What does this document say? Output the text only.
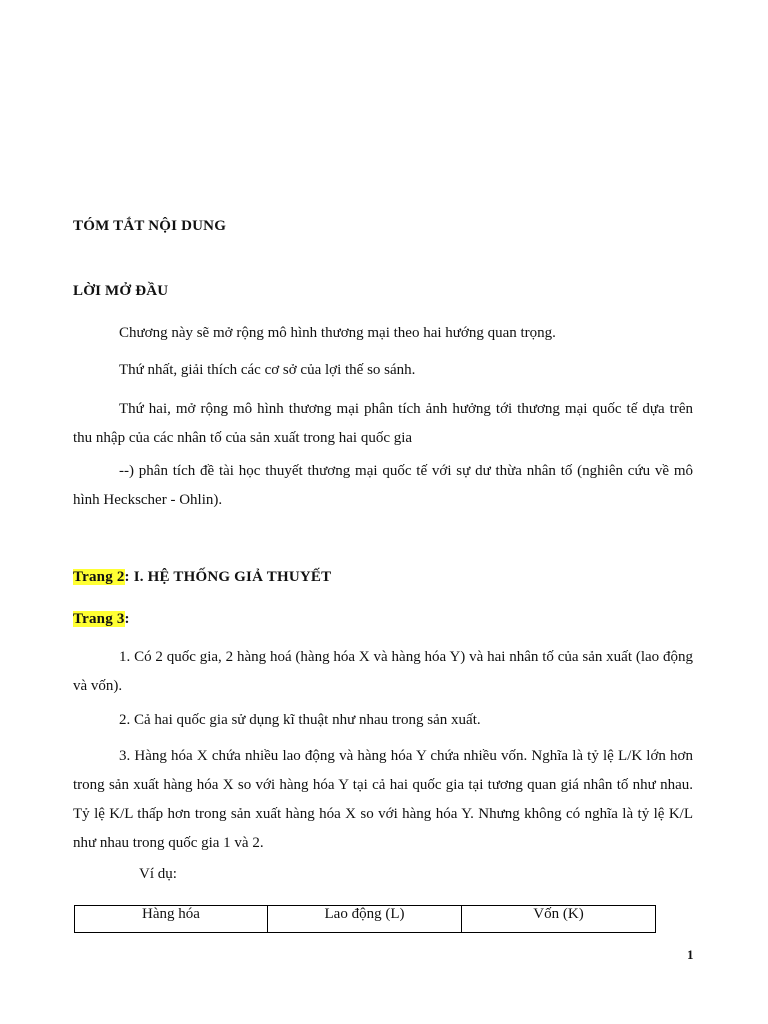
TÓM TẮT NỘI DUNG
LỜI MỞ ĐẦU
Chương này sẽ mở rộng mô hình thương mại theo hai hướng quan trọng.
Thứ nhất, giải thích các cơ sở của lợi thế so sánh.
Thứ hai, mở rộng mô hình thương mại phân tích ảnh hưởng tới thương mại quốc tế dựa trên thu nhập của các nhân tố của sản xuất trong hai quốc gia
--) phân tích đề tài học thuyết thương mại quốc tế với sự dư thừa nhân tố (nghiên cứu về mô hình Heckscher - Ohlin).
Trang 2: I. HỆ THỐNG GIẢ THUYẾT
Trang 3:
1. Có 2 quốc gia, 2 hàng hoá (hàng hóa X và hàng hóa Y) và hai nhân tố của sản xuất (lao động và vốn).
2. Cả hai quốc gia sử dụng kĩ thuật như nhau trong sản xuất.
3. Hàng hóa X chứa nhiều lao động và hàng hóa Y chứa nhiều vốn. Nghĩa là tỷ lệ L/K lớn hơn trong sản xuất hàng hóa X so với hàng hóa Y tại cả hai quốc gia tại tương quan giá nhân tố như nhau. Tỷ lệ K/L thấp hơn trong sản xuất hàng hóa X so với hàng hóa Y. Nhưng không có nghĩa là tỷ lệ K/L như nhau trong quốc gia 1 và 2.
Ví dụ:
Hàng hóa	Lao động (L)	Vốn (K)
1
